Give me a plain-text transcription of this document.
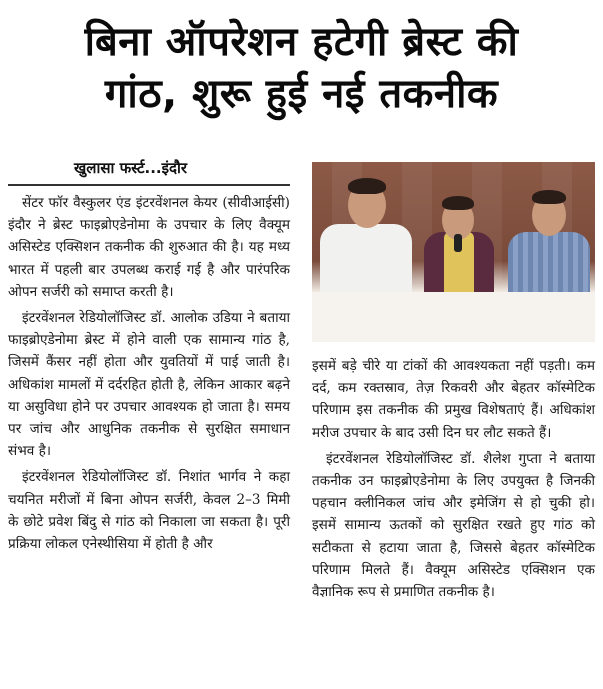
बिना ऑपरेशन हटेगी ब्रेस्ट की
गांठ, शुरू हुई नई तकनीक
खुलासा फर्स्ट...इंदौर

सेंटर फॉर वैस्कुलर एंड इंटरवेंशनल केयर (सीवीआईसी) इंदौर ने ब्रेस्ट फाइब्रोएडेनोमा के उपचार के लिए वैक्यूम असिस्टेड एक्सिशन तकनीक की शुरुआत की है। यह मध्य भारत में पहली बार उपलब्ध कराई गई है और पारंपरिक ओपन सर्जरी को समाप्त करती है।

इंटरवेंशनल रेडियोलॉजिस्ट डॉ. आलोक उडिया ने बताया फाइब्रोएडेनोमा ब्रेस्ट में होने वाली एक सामान्य गांठ है, जिसमें कैंसर नहीं होता और युवतियों में पाई जाती है। अधिकांश मामलों में दर्दरहित होती है, लेकिन आकार बढ़ने या असुविधा होने पर उपचार आवश्यक हो जाता है। समय पर जांच और आधुनिक तकनीक से सुरक्षित समाधान संभव है।

इंटरवेंशनल रेडियोलॉजिस्ट डॉ. निशांत भार्गव ने कहा चयनित मरीजों में बिना ओपन सर्जरी, केवल 2–3 मिमी के छोटे प्रवेश बिंदु से गांठ को निकाला जा सकता है। पूरी प्रक्रिया लोकल एनेस्थीसिया में होती है और

इसमें बड़े चीरे या टांकों की आवश्यकता नहीं पड़ती। कम दर्द, कम रक्तस्राव, तेज़ रिकवरी और बेहतर कॉस्मेटिक परिणाम इस तकनीक की प्रमुख विशेषताएं हैं। अधिकांश मरीज उपचार के बाद उसी दिन घर लौट सकते हैं।

इंटरवेंशनल रेडियोलॉजिस्ट डॉ. शैलेश गुप्ता ने बताया तकनीक उन फाइब्रोएडेनोमा के लिए उपयुक्त है जिनकी पहचान क्लीनिकल जांच और इमेजिंग से हो चुकी हो। इसमें सामान्य ऊतकों को सुरक्षित रखते हुए गांठ को सटीकता से हटाया जाता है, जिससे बेहतर कॉस्मेटिक परिणाम मिलते हैं। वैक्यूम असिस्टेड एक्सिशन एक वैज्ञानिक रूप से प्रमाणित तकनीक है।
